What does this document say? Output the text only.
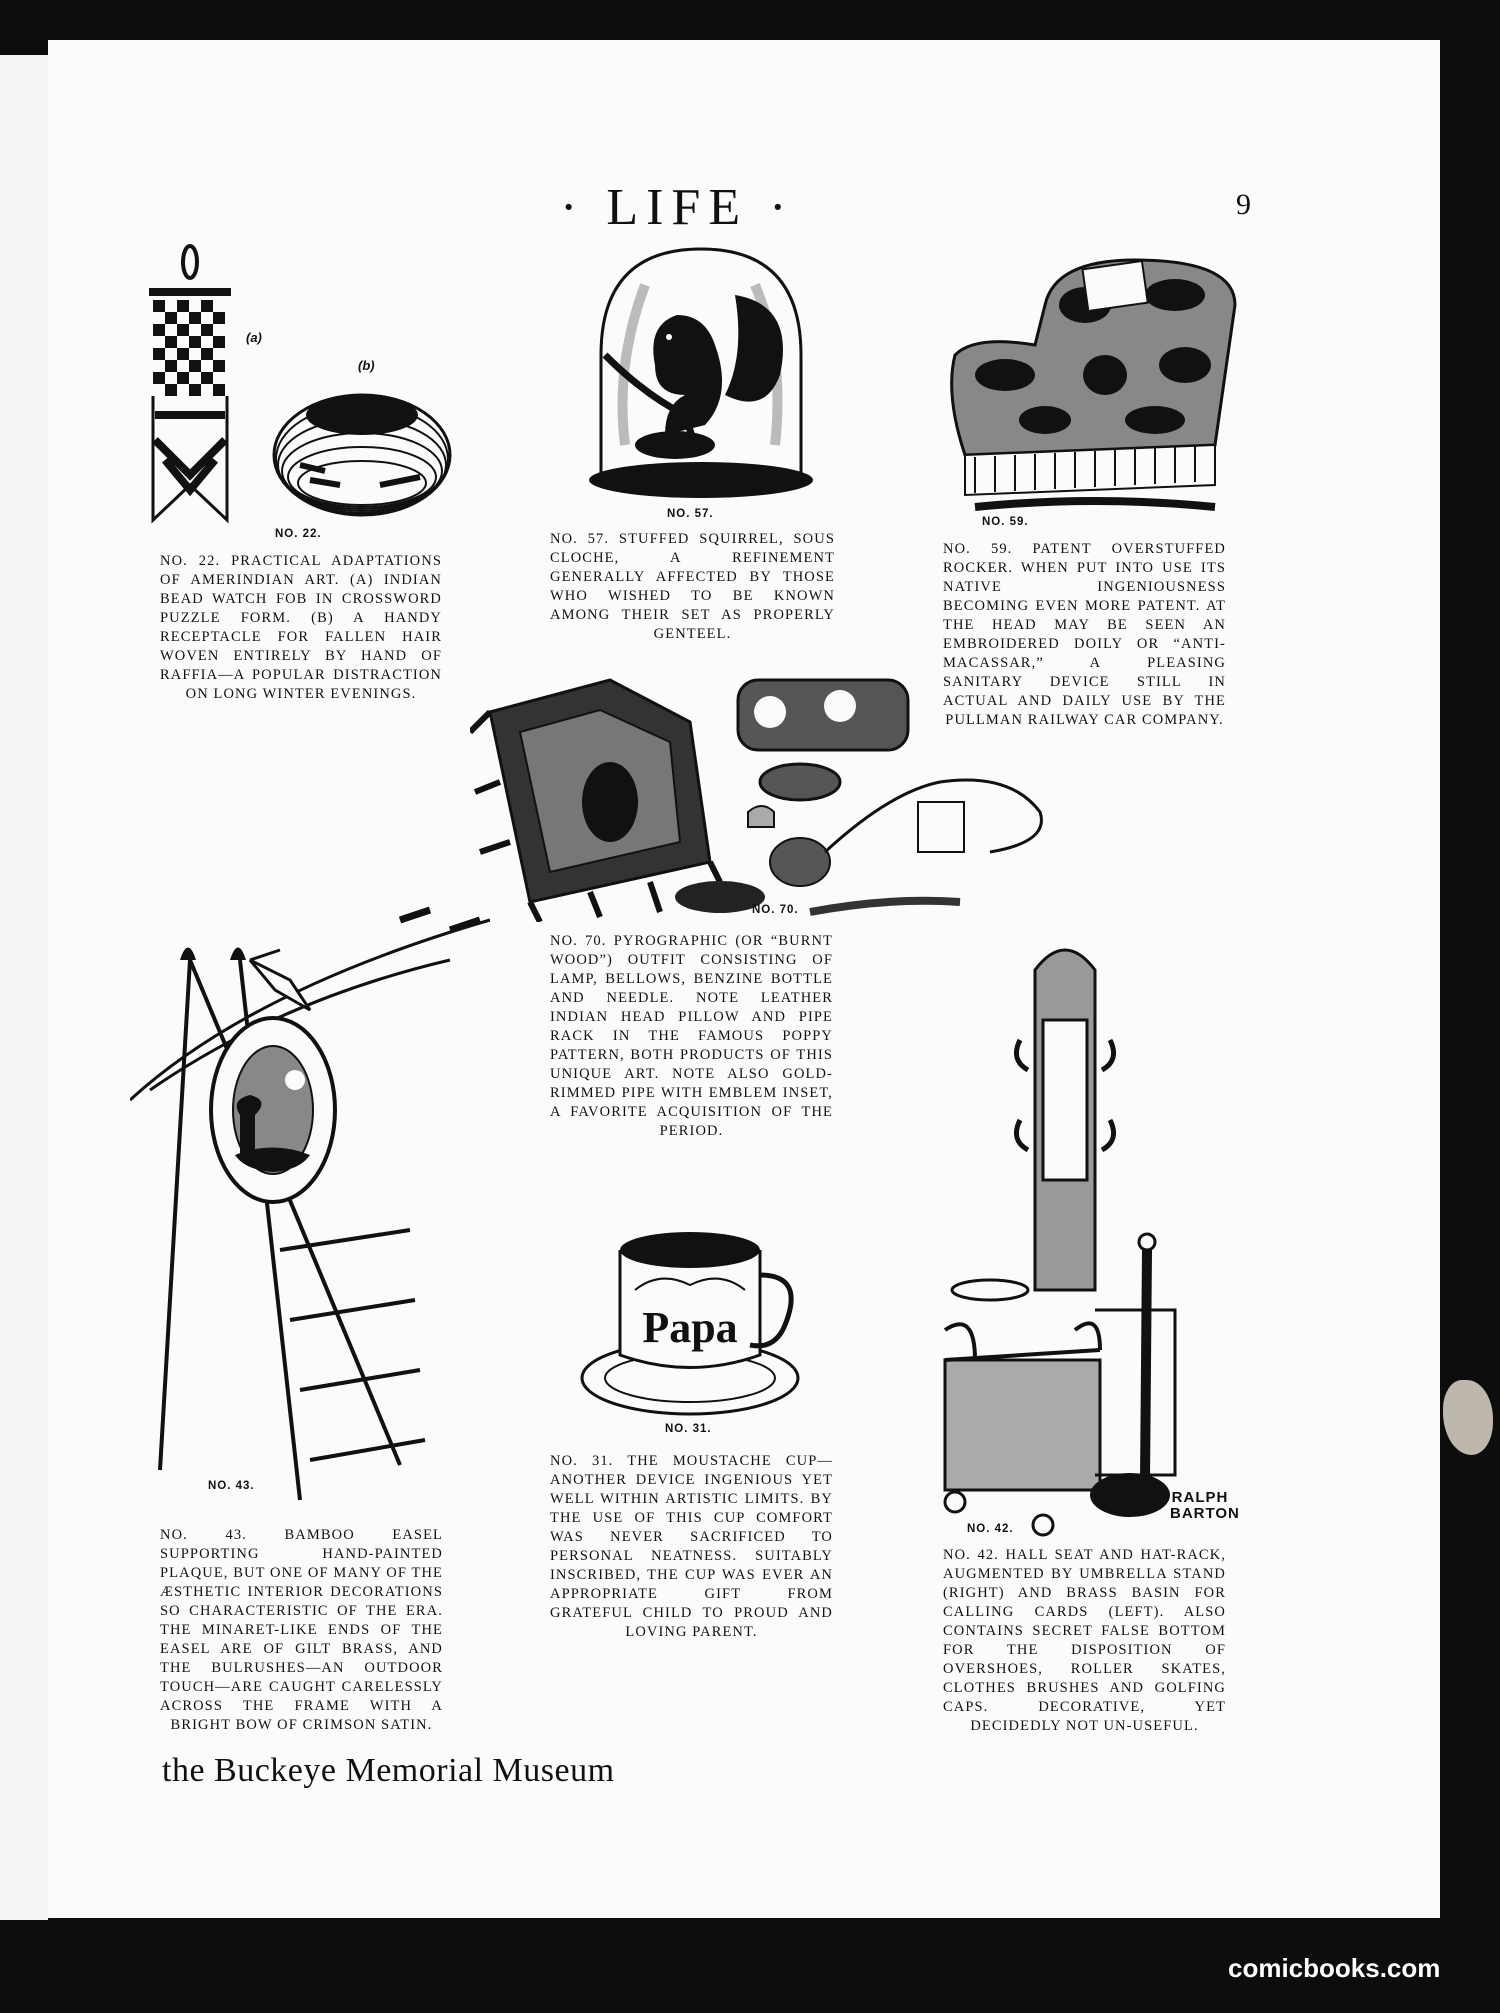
· LIFE ·	9
(a)
(b)
NO. 22.
NO. 22. PRACTICAL ADAPTATIONS OF AMERINDIAN ART. (A) INDIAN BEAD WATCH FOB IN CROSSWORD PUZZLE FORM. (B) A HANDY RECEPTACLE FOR FALLEN HAIR WOVEN ENTIRELY BY HAND OF RAFFIA—A POPULAR DISTRACTION ON LONG WINTER EVENINGS.
NO. 57.
NO. 57. STUFFED SQUIRREL, SOUS CLOCHE, A REFINEMENT GENERALLY AFFECTED BY THOSE WHO WISHED TO BE KNOWN AMONG THEIR SET AS PROPERLY GENTEEL.
NO. 59.
NO. 59. PATENT OVERSTUFFED ROCKER. WHEN PUT INTO USE ITS NATIVE INGENIOUSNESS BECOMING EVEN MORE PATENT. AT THE HEAD MAY BE SEEN AN EMBROIDERED DOILY OR “ANTI-MACASSAR,” A PLEASING SANITARY DEVICE STILL IN ACTUAL AND DAILY USE BY THE PULLMAN RAILWAY CAR COMPANY.
NO. 70.
NO. 70. PYROGRAPHIC (OR “BURNT WOOD”) OUTFIT CONSISTING OF LAMP, BELLOWS, BENZINE BOTTLE AND NEEDLE. NOTE LEATHER INDIAN HEAD PILLOW AND PIPE RACK IN THE FAMOUS POPPY PATTERN, BOTH PRODUCTS OF THIS UNIQUE ART. NOTE ALSO GOLD-RIMMED PIPE WITH EMBLEM INSET, A FAVORITE ACQUISITION OF THE PERIOD.
NO. 43.
NO. 43. BAMBOO EASEL SUPPORTING HAND-PAINTED PLAQUE, BUT ONE OF MANY OF THE ÆSTHETIC INTERIOR DECORATIONS SO CHARACTERISTIC OF THE ERA. THE MINARET-LIKE ENDS OF THE EASEL ARE OF GILT BRASS, AND THE BULRUSHES—AN OUTDOOR TOUCH—ARE CAUGHT CARELESSLY ACROSS THE FRAME WITH A BRIGHT BOW OF CRIMSON SATIN.
Papa
NO. 31.
NO. 31. THE MOUSTACHE CUP—ANOTHER DEVICE INGENIOUS YET WELL WITHIN ARTISTIC LIMITS. BY THE USE OF THIS CUP COMFORT WAS NEVER SACRIFICED TO PERSONAL NEATNESS. SUITABLY INSCRIBED, THE CUP WAS EVER AN APPROPRIATE GIFT FROM GRATEFUL CHILD TO PROUD AND LOVING PARENT.
RALPH BARTON
NO. 42.
NO. 42. HALL SEAT AND HAT-RACK, AUGMENTED BY UMBRELLA STAND (RIGHT) AND BRASS BASIN FOR CALLING CARDS (LEFT). ALSO CONTAINS SECRET FALSE BOTTOM FOR THE DISPOSITION OF OVERSHOES, ROLLER SKATES, CLOTHES BRUSHES AND GOLFING CAPS. DECORATIVE, YET DECIDEDLY NOT UN-USEFUL.
the Buckeye Memorial Museum
comicbooks.com
